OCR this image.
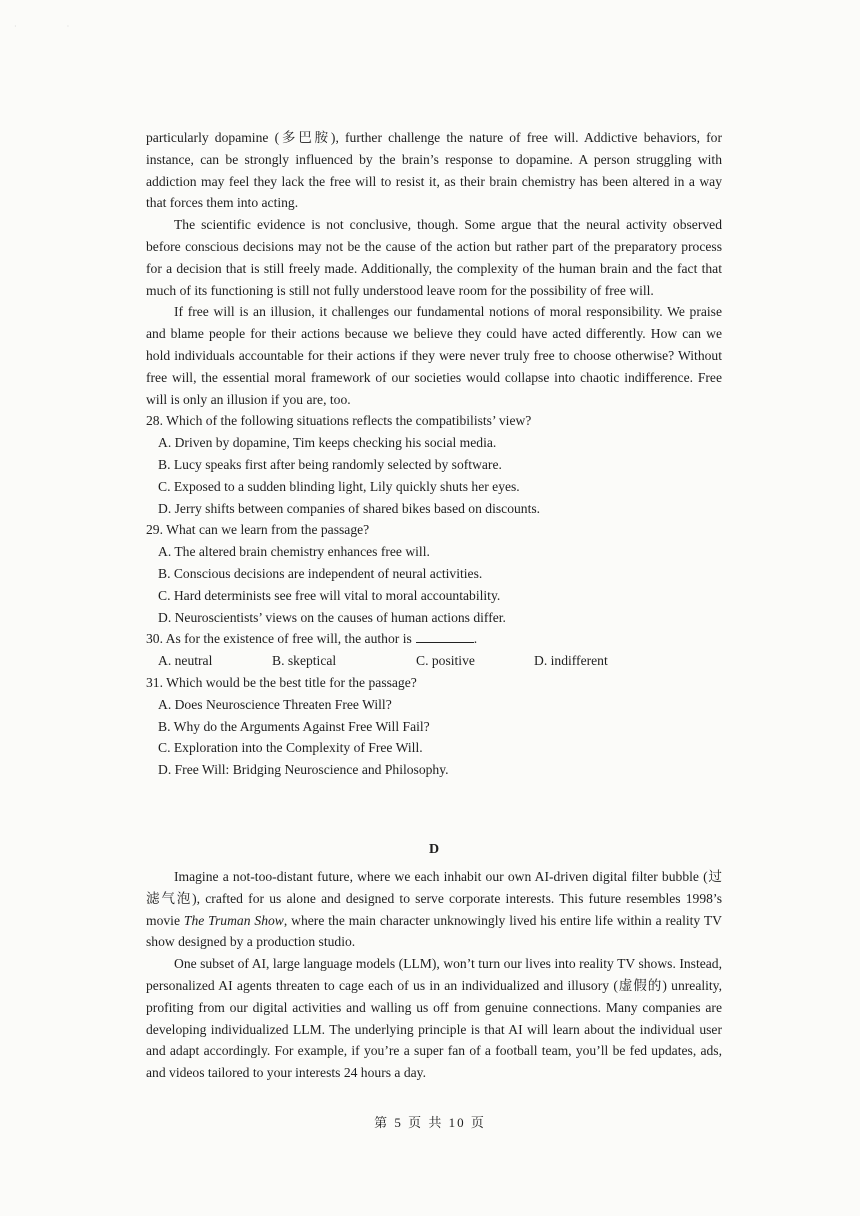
· ·

particularly dopamine (多巴胺), further challenge the nature of free will. Addictive behaviors, for instance, can be strongly influenced by the brain’s response to dopamine. A person struggling with addiction may feel they lack the free will to resist it, as their brain chemistry has been altered in a way that forces them into acting.

The scientific evidence is not conclusive, though. Some argue that the neural activity observed before conscious decisions may not be the cause of the action but rather part of the preparatory process for a decision that is still freely made. Additionally, the complexity of the human brain and the fact that much of its functioning is still not fully understood leave room for the possibility of free will.

If free will is an illusion, it challenges our fundamental notions of moral responsibility. We praise and blame people for their actions because we believe they could have acted differently. How can we hold individuals accountable for their actions if they were never truly free to choose otherwise? Without free will, the essential moral framework of our societies would collapse into chaotic indifference. Free will is only an illusion if you are, too.

28. Which of the following situations reflects the compatibilists’ view?

A. Driven by dopamine, Tim keeps checking his social media.

B. Lucy speaks first after being randomly selected by software.

C. Exposed to a sudden blinding light, Lily quickly shuts her eyes.

D. Jerry shifts between companies of shared bikes based on discounts.

29. What can we learn from the passage?

A. The altered brain chemistry enhances free will.

B. Conscious decisions are independent of neural activities.

C. Hard determinists see free will vital to moral accountability.

D. Neuroscientists’ views on the causes of human actions differ.

30. As for the existence of free will, the author is	.

A. neutral	B. skeptical	C. positive	D. indifferent

31. Which would be the best title for the passage?

A. Does Neuroscience Threaten Free Will?

B. Why do the Arguments Against Free Will Fail?

C. Exploration into the Complexity of Free Will.

D. Free Will: Bridging Neuroscience and Philosophy.

D

Imagine a not-too-distant future, where we each inhabit our own AI-driven digital filter bubble (过滤气泡), crafted for us alone and designed to serve corporate interests. This future resembles 1998’s movie The Truman Show, where the main character unknowingly lived his entire life within a reality TV show designed by a production studio.

One subset of AI, large language models (LLM), won’t turn our lives into reality TV shows. Instead, personalized AI agents threaten to cage each of us in an individualized and illusory (虚假的) unreality, profiting from our digital activities and walling us off from genuine connections. Many companies are developing individualized LLM. The underlying principle is that AI will learn about the individual user and adapt accordingly. For example, if you’re a super fan of a football team, you’ll be fed updates, ads, and videos tailored to your interests 24 hours a day.

第 5 页 共 10 页
